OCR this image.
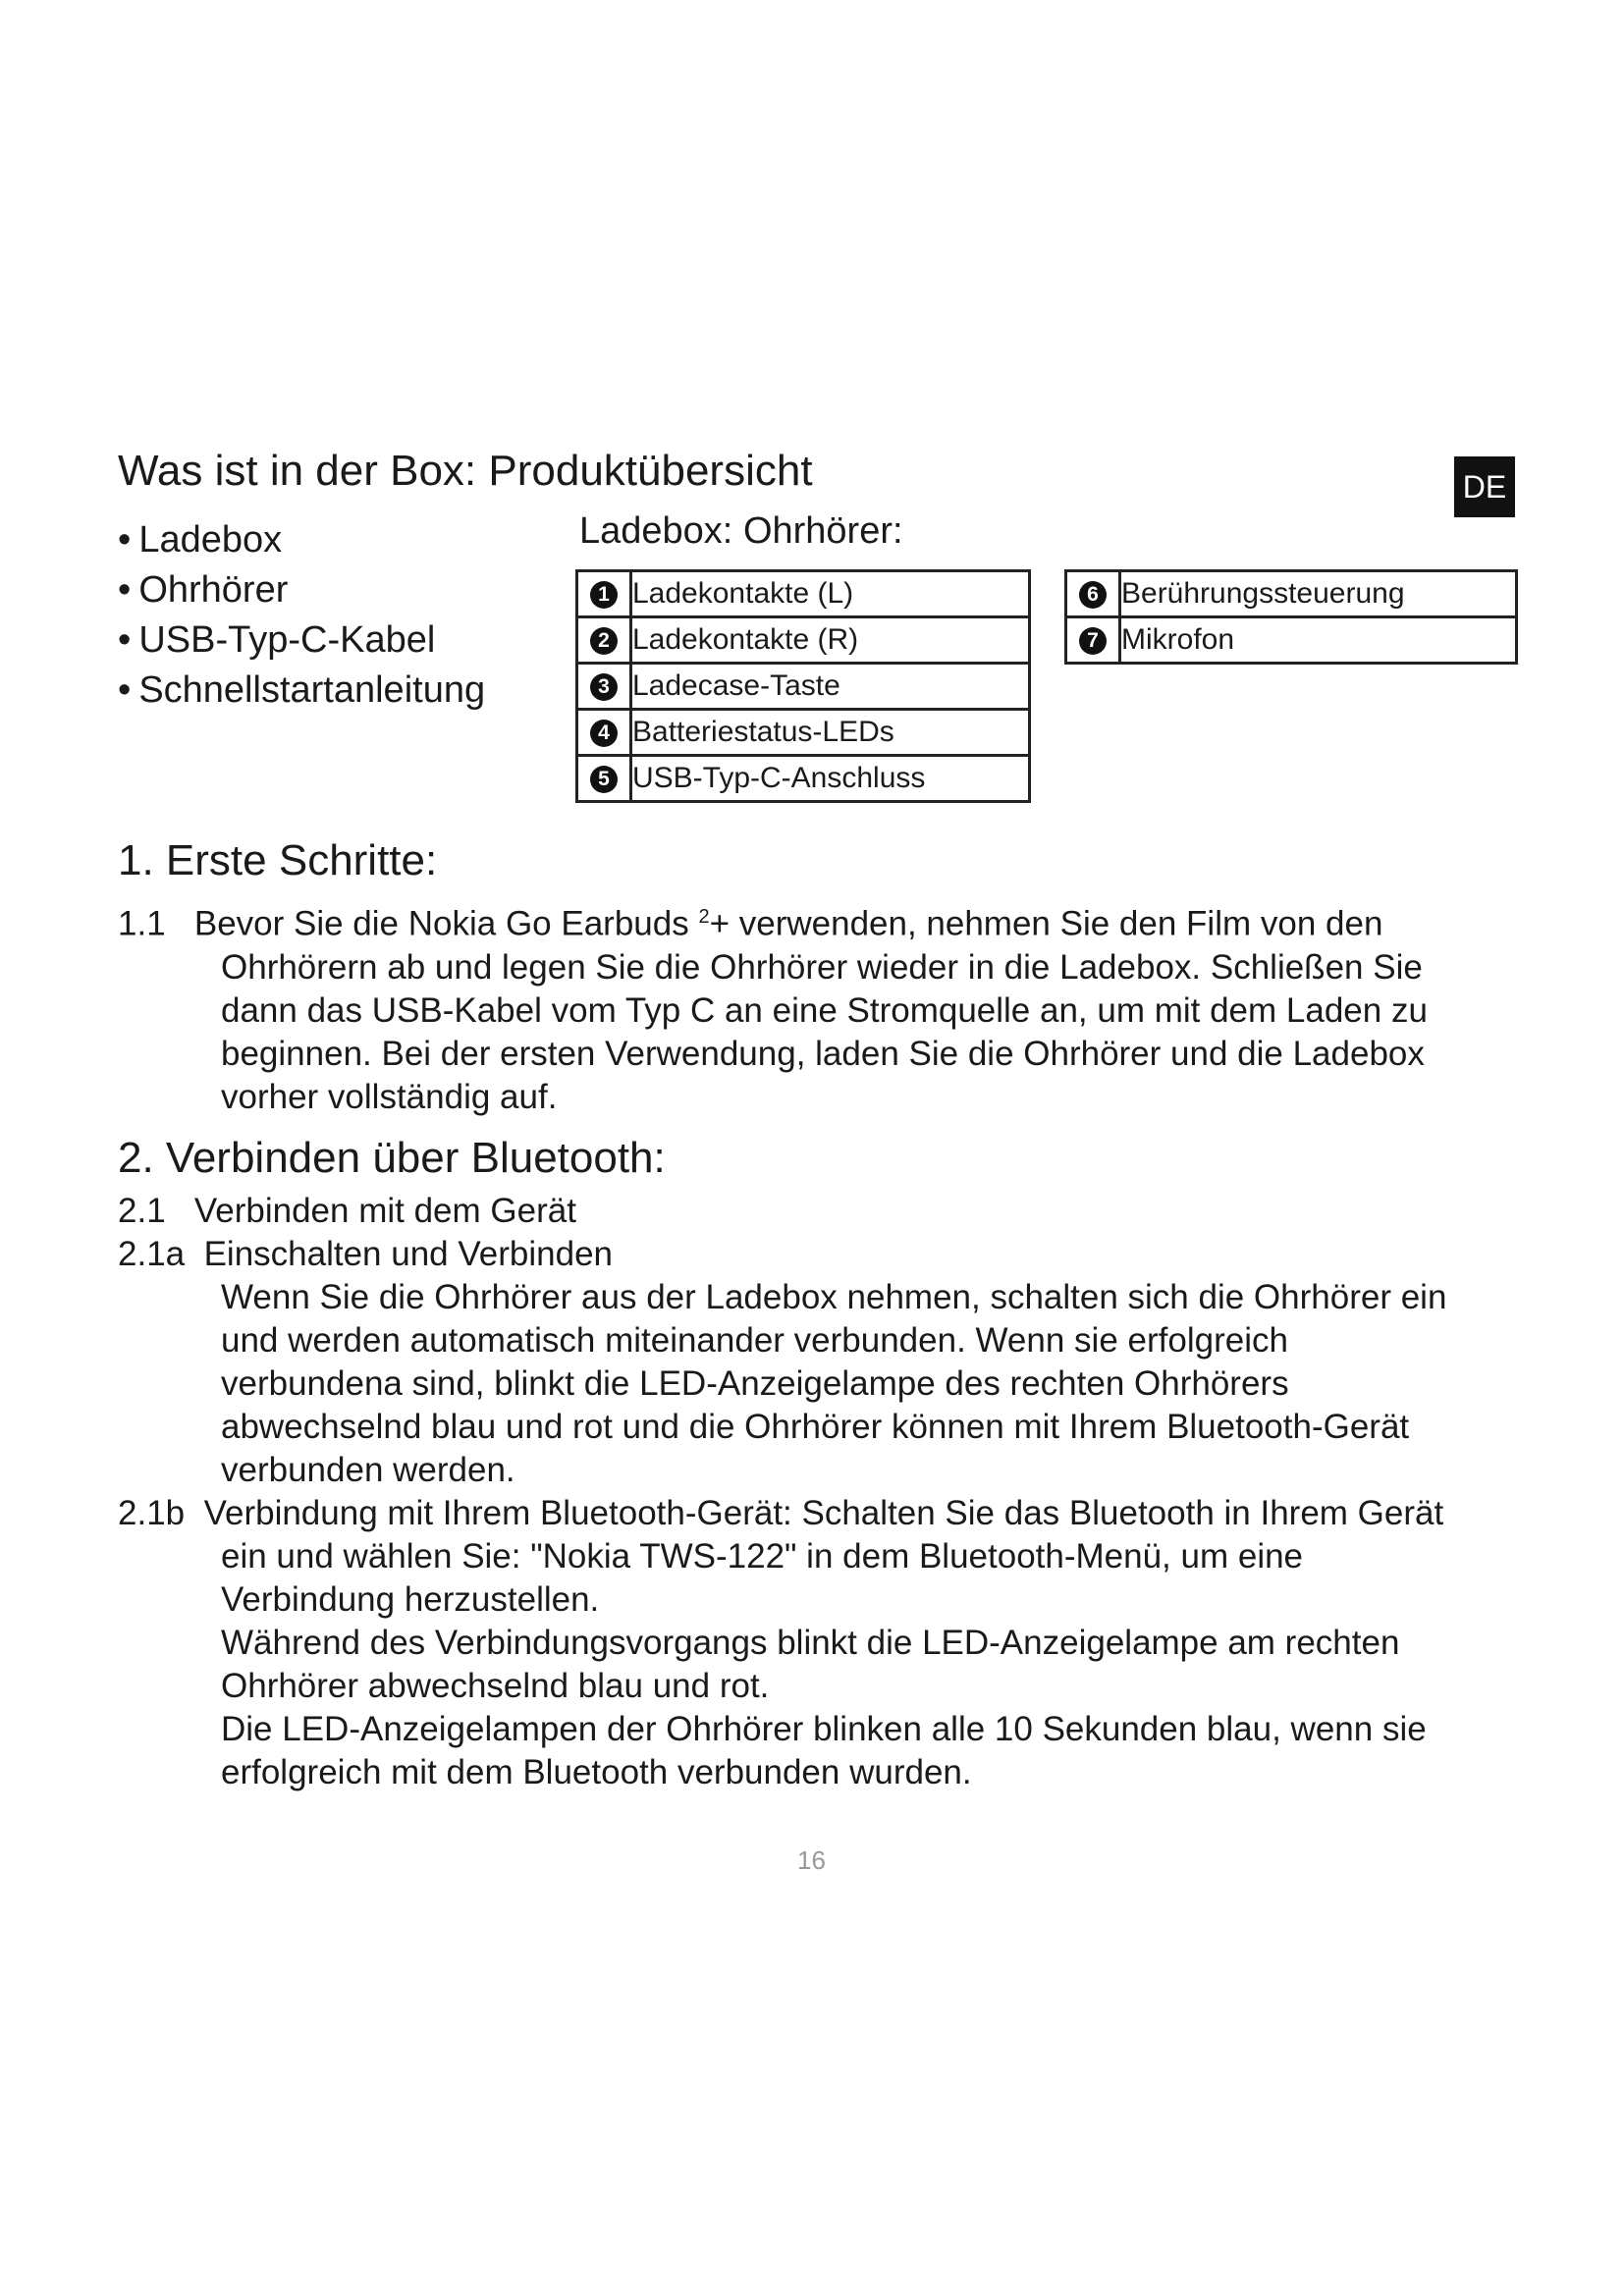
Was ist in der Box: Produktübersicht	DE
• Ladebox
• Ohrhörer
• USB-Typ-C-Kabel
• Schnellstartanleitung
Ladebox: Ohrhörer:
1	Ladekontakte (L)
2	Ladekontakte (R)
3	Ladecase-Taste
4	Batteriestatus-LEDs
5	USB-Typ-C-Anschluss
6	Berührungssteuerung
7	Mikrofon
1. Erste Schritte:
1.1 Bevor Sie die Nokia Go Earbuds $^2$+ verwenden, nehmen Sie den Film von den
Ohrhörern ab und legen Sie die Ohrhörer wieder in die Ladebox. Schließen Sie
dann das USB-Kabel vom Typ C an eine Stromquelle an, um mit dem Laden zu
beginnen. Bei der ersten Verwendung, laden Sie die Ohrhörer und die Ladebox
vorher vollständig auf.
2. Verbinden über Bluetooth:
2.1   Verbinden mit dem Gerät
2.1a  Einschalten und Verbinden
Wenn Sie die Ohrhörer aus der Ladebox nehmen, schalten sich die Ohrhörer ein
und werden automatisch miteinander verbunden. Wenn sie erfolgreich
verbundena sind, blinkt die LED-Anzeigelampe des rechten Ohrhörers
abwechselnd blau und rot und die Ohrhörer können mit Ihrem Bluetooth-Gerät
verbunden werden.
2.1b  Verbindung mit Ihrem Bluetooth-Gerät: Schalten Sie das Bluetooth in Ihrem Gerät
ein und wählen Sie: "Nokia TWS-122" in dem Bluetooth-Menü, um eine
Verbindung herzustellen.
Während des Verbindungsvorgangs blinkt die LED-Anzeigelampe am rechten
Ohrhörer abwechselnd blau und rot.
Die LED-Anzeigelampen der Ohrhörer blinken alle 10 Sekunden blau, wenn sie
erfolgreich mit dem Bluetooth verbunden wurden.
16
